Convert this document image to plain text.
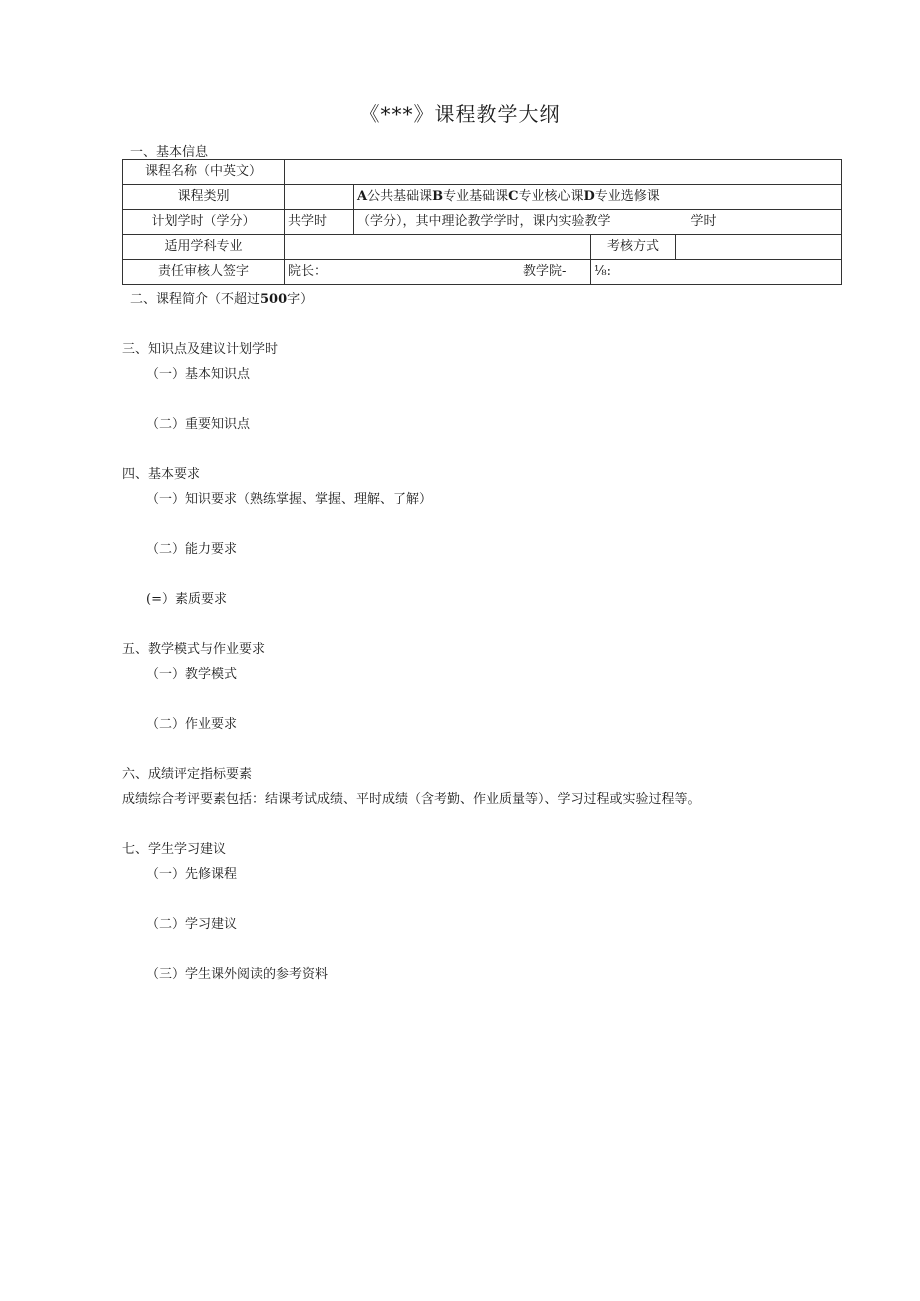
《***》课程教学大纲
一、基本信息
课程名称（中英文）				
课程类别		A公共基础课B专业基础课C专业核心课D专业选修课		
计划学时（学分）	共学时	（学分），其中理论教学学时，课内实验教学 学时		
适用学科专业			考核方式	
责任审核人签字	院长： 教学院-		⅛:	
二、课程简介（不超过500字）
三、知识点及建议计划学时
（一）基本知识点
（二）重要知识点
四、基本要求
（一）知识要求（熟练掌握、掌握、理解、了解）
（二）能力要求
(=）素质要求
五、教学模式与作业要求
（一）教学模式
（二）作业要求
六、成绩评定指标要素
成绩综合考评要素包括：结课考试成绩、平时成绩（含考勤、作业质量等）、学习过程或实验过程等。
七、学生学习建议
（一）先修课程
（二）学习建议
（三）学生课外阅读的参考资料
